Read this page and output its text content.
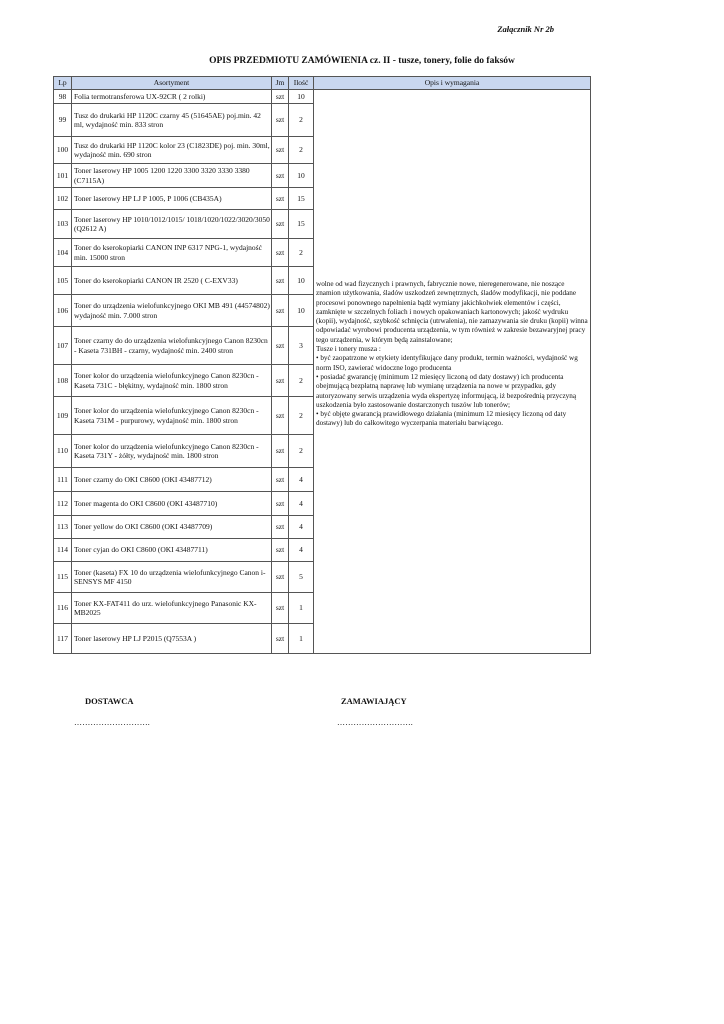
Załącznik Nr 2b
OPIS PRZEDMIOTU ZAMÓWIENIA cz. II - tusze, tonery, folie do faksów
Lp	Asortyment	Jm	Ilość	Opis i wymagania
98	Folia termotransferowa UX-92CR ( 2 rolki)	szt	10	wolne od wad fizycznych i prawnych, fabrycznie nowe, nieregenerowane, nie noszące znamion użytkowania, śladów uszkodzeń zewnętrznych, śladów modyfikacji, nie poddane procesowi ponownego napełnienia bądź wymiany jakichkolwiek elementów i części, zamknięte w szczelnych foliach i nowych opakowaniach kartonowych; jakość wydruku (kopii), wydajność, szybkość schnięcia (utrwalenia), nie zamazywania sie druku (kopii) winna odpowiadać wyrobowi producenta urządzenia, w tym również w zakresie bezawaryjnej pracy tego urządzenia, w którym będą zainstalowane;

Tusze i tonery musza :

• być zaopatrzone w etykiety identyfikujące dany produkt, termin ważności, wydajność wg norm ISO, zawierać widoczne logo producenta

• posiadać gwarancję (minimum 12 miesięcy liczoną od daty dostawy) ich producenta obejmującą bezpłatną naprawę lub wymianę urządzenia na nowe w przypadku, gdy autoryzowany serwis urządzenia wyda ekspertyzę informującą, iż bezpośrednią przyczyną uszkodzenia było zastosowanie dostarczonych tuszów lub tonerów;

• być objęte gwarancją prawidłowego działania (minimum 12 miesięcy liczoną od daty dostawy) lub do całkowitego wyczerpania materiału barwiącego.

99	Tusz do drukarki HP 1120C czarny 45 (51645AE) poj.min. 42 ml, wydajność min. 833 stron	szt	2	
100	Tusz do drukarki HP 1120C kolor 23 (C1823DE) poj. min. 30ml, wydajność min. 690 stron	szt	2	
101	Toner laserowy HP 1005 1200 1220 3300 3320 3330 3380 (C7115A)	szt	10	
102	Toner laserowy HP LJ P 1005, P 1006 (CB435A)	szt	15	
103	Toner laserowy HP 1010/1012/1015/ 1018/1020/1022/3020/3050 (Q2612 A)	szt	15	
104	Toner do kserokopiarki CANON INP 6317 NPG-1, wydajność min. 15000 stron	szt	2	
105	Toner do kserokopiarki CANON IR 2520 ( C-EXV33)	szt	10	
106	Toner do urządzenia wielofunkcyjnego OKI MB 491 (44574802) wydajność min. 7.000 stron	szt	10	
107	Toner czarny do do urządzenia wielofunkcyjnego Canon 8230cn - Kaseta 731BH - czarny, wydajność min. 2400 stron	szt	3	
108	Toner kolor do urządzenia wielofunkcyjnego Canon 8230cn - Kaseta 731C - błękitny, wydajność min. 1800 stron	szt	2	
109	Toner kolor do urządzenia wielofunkcyjnego Canon 8230cn - Kaseta 731M - purpurowy, wydajność min. 1800 stron	szt	2	
110	Toner kolor do urządzenia wielofunkcyjnego Canon 8230cn - Kaseta 731Y - żółty, wydajność min. 1800 stron	szt	2	
111	Toner czarny do OKI C8600 (OKI 43487712)	szt	4	
112	Toner magenta do OKI C8600 (OKI 43487710)	szt	4	
113	Toner yellow do OKI C8600 (OKI 43487709)	szt	4	
114	Toner cyjan do OKI C8600 (OKI 43487711)	szt	4	
115	Toner (kaseta) FX 10 do urządzenia wielofunkcyjnego Canon i-SENSYS MF 4150	szt	5	
116	Toner KX-FAT411 do urz. wielofunkcyjnego Panasonic KX-MB2025	szt	1	
117	Toner laserowy HP LJ P2015 (Q7553A )	szt	1	
DOSTAWCA
……………………….
ZAMAWIAJĄCY
……………………….
